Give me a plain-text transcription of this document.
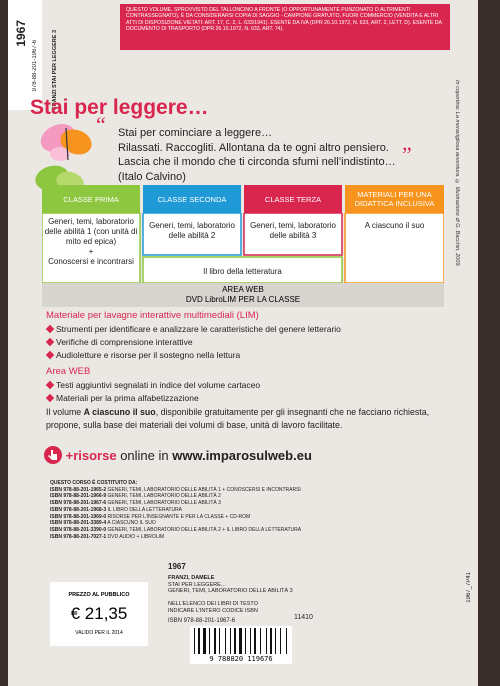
1967
978-88-201-1967-6	FRANZI STAI PER LEGGERE 3
QUESTO VOLUME, SPROVVISTO DEL TALLONCINO A FRONTE (O OPPORTUNAMENTE PUNZONATO O ALTRIMENTI CONTRASSEGNATO), È DA CONSIDERARSI COPIA DI SAGGIO - CAMPIONE GRATUITO, FUORI COMMERCIO (VENDITA E ALTRI ATTI DI DISPOSIZIONE VIETATI: ART. 17, C. 2, L. 633/1941). ESENTE DA IVA (DPR 26.10.1972, N. 633, ART. 2, LETT. D). ESENTE DA DOCUMENTO DI TRASPORTO (DPR 26.10.1972, N. 633, ART. 74).
In copertina: La meravigliosa avventura. © Illustrazione di G. Bacchin, 2009.
Stai per leggere…
“ Stai per cominciare a leggere…
Rilassati. Raccogliti. Allontana da te ogni altro pensiero.
Lascia che il mondo che ti circonda sfumi nell’indistinto… ”
(Italo Calvino)
CLASSE PRIMA	CLASSE SECONDA	CLASSE TERZA	MATERIALI PER UNA DIDATTICA INCLUSIVA
Generi, temi, laboratorio delle abilità 1 (con unità di mito ed epica)
+
Conoscersi e incontrarsi
Generi, temi, laboratorio delle abilità 2
Generi, temi, laboratorio delle abilità 3
A ciascuno il suo
Il libro della letteratura
AREA WEB
DVD LibroLIM PER LA CLASSE
Materiale per lavagne interattive multimediali (LIM)
Strumenti per identificare e analizzare le caratteristiche del genere letterario
Verifiche di comprensione interattive
Audioletture e risorse per il sostegno nella lettura
Area WEB
Testi aggiuntivi segnalati in indice del volume cartaceo
Materiali per la prima alfabetizzazione
Il volume A ciascuno il suo, disponibile gratuitamente per gli insegnanti che ne facciano richiesta, propone, sulla base dei materiali dei volumi di base, unità di lavoro facilitate.
+risorse online in www.imparosulweb.eu
QUESTO CORSO È COSTITUITO DA:
ISBN 978-88-201-1965-2 GENERI, TEMI, LABORATORIO DELLE ABILITÀ 1 + CONOSCERSI E INCONTRARSI
ISBN 978-88-201-1966-9 GENERI, TEMI, LABORATORIO DELLE ABILITÀ 2
ISBN 978-88-201-1967-6 GENERI, TEMI, LABORATORIO DELLE ABILITÀ 3
ISBN 978-88-201-1968-3 IL LIBRO DELLA LETTERATURA
ISBN 978-88-201-1969-0 RISORSE PER L’INSEGNANTE E PER LA CLASSE + CD-ROM
ISBN 978-88-201-3389-4 A CIASCUNO IL SUO
ISBN 978-88-201-3390-0 GENERI, TEMI, LABORATORIO DELLE ABILITÀ 2 + IL LIBRO DELLA LETTERATURA
ISBN 978-88-201-7027-1 DVD AUDIO + LIBROLIM
PREZZO AL PUBBLICO
€ 21,35
VALIDO PER IL 2014
1967
FRANZI, DAMELE
STAI PER LEGGERE…
GENERI, TEMI, LABORATORIO DELLE ABILITÀ 3
NELL’ELENCO DEI LIBRI DI TESTO
INDICARE L’INTERO CODICE ISBN
ISBN 978-88-201-1967-6	11410
9 788820 119676
1967_7P41
